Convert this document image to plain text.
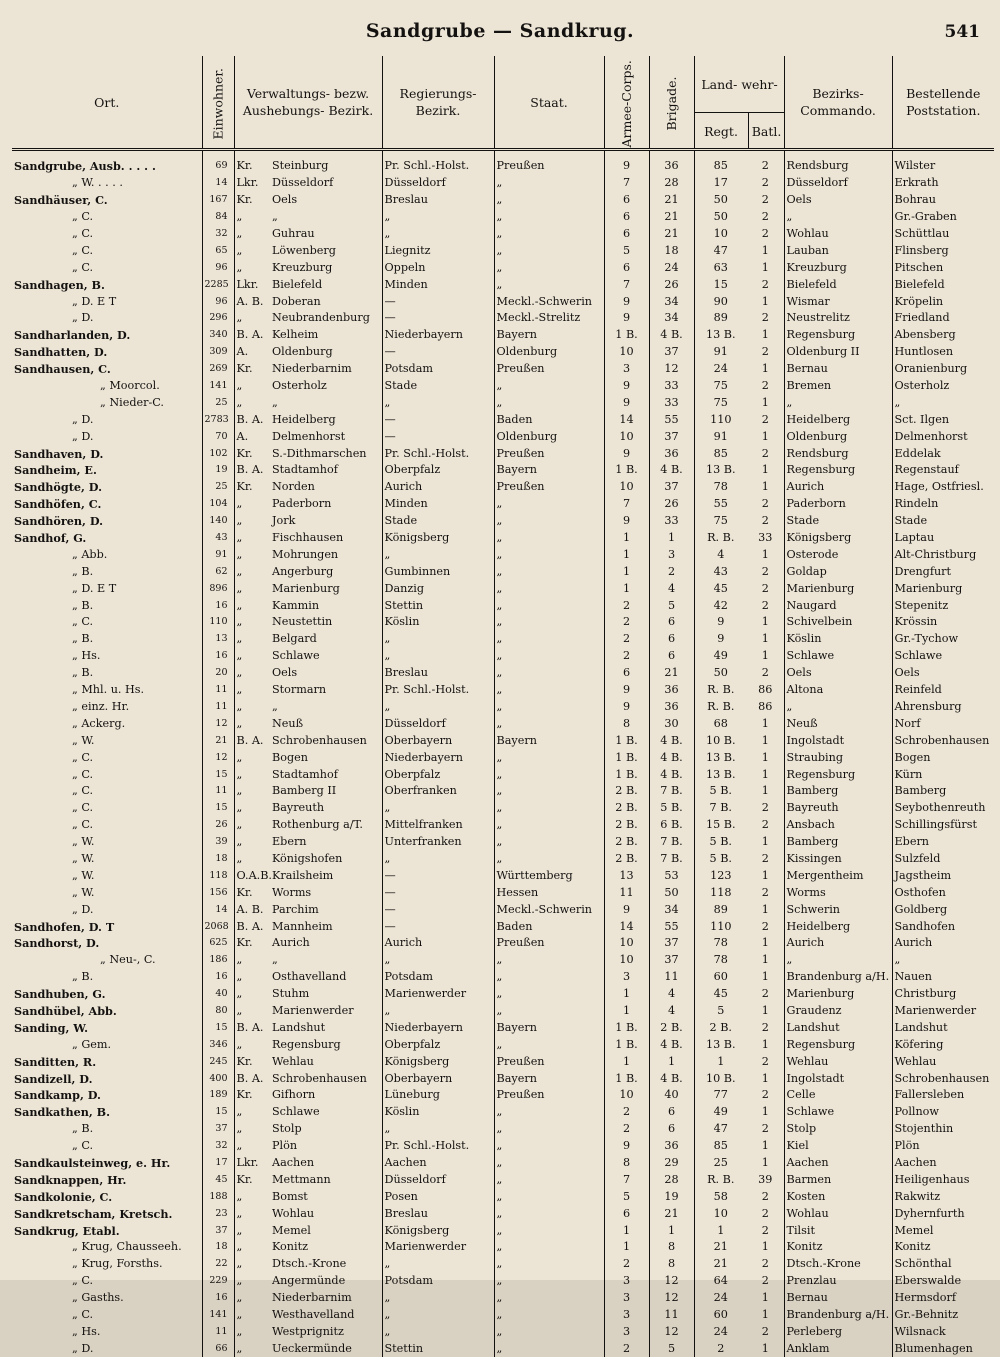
Sandgrube — Sandkrug.	541
Ort.	Einwohner.	Verwaltungs- bezw. Aushebungs- Bezirk.		Regierungs- Bezirk.	Staat.	Armee-Corps.	Brigade.	Land- wehr-
Regt. Batl.		Bezirks- Commando.	Bestellende Poststation.
Sandgrube, Ausb. . . . .	69	Kr.	Steinburg	Pr. Schl.-Holst.	Preußen	9	36	85	2	Rendsburg	Wilster
„ W. . . . .	14	Lkr.	Düsseldorf	Düsseldorf	„	7	28	17	2	Düsseldorf	Erkrath
Sandhäuser, C.	167	Kr.	Oels	Breslau	„	6	21	50	2	Oels	Bohrau
„ C.	84	„	„	„	„	6	21	50	2	„	Gr.-Graben
„ C.	32	„	Guhrau	„	„	6	21	10	2	Wohlau	Schüttlau
„ C.	65	„	Löwenberg	Liegnitz	„	5	18	47	1	Lauban	Flinsberg
„ C.	96	„	Kreuzburg	Oppeln	„	6	24	63	1	Kreuzburg	Pitschen
Sandhagen, B.	2285	Lkr.	Bielefeld	Minden	„	7	26	15	2	Bielefeld	Bielefeld
„ D. E T	96	A. B.	Doberan	—	Meckl.-Schwerin	9	34	90	1	Wismar	Kröpelin
„ D.	296	„	Neubrandenburg	—	Meckl.-Strelitz	9	34	89	2	Neustrelitz	Friedland
Sandharlanden, D.	340	B. A.	Kelheim	Niederbayern	Bayern	1 B.	4 B.	13 B.	1	Regensburg	Abensberg
Sandhatten, D.	309	A.	Oldenburg	—	Oldenburg	10	37	91	2	Oldenburg II	Huntlosen
Sandhausen, C.	269	Kr.	Niederbarnim	Potsdam	Preußen	3	12	24	1	Bernau	Oranienburg
„ Moorcol.	141	„	Osterholz	Stade	„	9	33	75	2	Bremen	Osterholz
„ Nieder-C.	25	„	„	„	„	9	33	75	1	„	„
„ D.	2783	B. A.	Heidelberg	—	Baden	14	55	110	2	Heidelberg	Sct. Ilgen
„ D.	70	A.	Delmenhorst	—	Oldenburg	10	37	91	1	Oldenburg	Delmenhorst
Sandhaven, D.	102	Kr.	S.-Dithmarschen	Pr. Schl.-Holst.	Preußen	9	36	85	2	Rendsburg	Eddelak
Sandheim, E.	19	B. A.	Stadtamhof	Oberpfalz	Bayern	1 B.	4 B.	13 B.	1	Regensburg	Regenstauf
Sandhögte, D.	25	Kr.	Norden	Aurich	Preußen	10	37	78	1	Aurich	Hage, Ostfriesl.
Sandhöfen, C.	104	„	Paderborn	Minden	„	7	26	55	2	Paderborn	Rindeln
Sandhören, D.	140	„	Jork	Stade	„	9	33	75	2	Stade	Stade
Sandhof, G.	43	„	Fischhausen	Königsberg	„	1	1	R. B.	33	Königsberg	Laptau
„ Abb.	91	„	Mohrungen	„	„	1	3	4	1	Osterode	Alt-Christburg
„ B.	62	„	Angerburg	Gumbinnen	„	1	2	43	2	Goldap	Drengfurt
„ D. E T	896	„	Marienburg	Danzig	„	1	4	45	2	Marienburg	Marienburg
„ B.	16	„	Kammin	Stettin	„	2	5	42	2	Naugard	Stepenitz
„ C.	110	„	Neustettin	Köslin	„	2	6	9	1	Schivelbein	Krössin
„ B.	13	„	Belgard	„	„	2	6	9	1	Köslin	Gr.-Tychow
„ Hs.	16	„	Schlawe	„	„	2	6	49	1	Schlawe	Schlawe
„ B.	20	„	Oels	Breslau	„	6	21	50	2	Oels	Oels
„ Mhl. u. Hs.	11	„	Stormarn	Pr. Schl.-Holst.	„	9	36	R. B.	86	Altona	Reinfeld
„ einz. Hr.	11	„	„	„	„	9	36	R. B.	86	„	Ahrensburg
„ Ackerg.	12	„	Neuß	Düsseldorf	„	8	30	68	1	Neuß	Norf
„ W.	21	B. A.	Schrobenhausen	Oberbayern	Bayern	1 B.	4 B.	10 B.	1	Ingolstadt	Schrobenhausen
„ C.	12	„	Bogen	Niederbayern	„	1 B.	4 B.	13 B.	1	Straubing	Bogen
„ C.	15	„	Stadtamhof	Oberpfalz	„	1 B.	4 B.	13 B.	1	Regensburg	Kürn
„ C.	11	„	Bamberg II	Oberfranken	„	2 B.	7 B.	5 B.	1	Bamberg	Bamberg
„ C.	15	„	Bayreuth	„	„	2 B.	5 B.	7 B.	2	Bayreuth	Seybothenreuth
„ C.	26	„	Rothenburg a/T.	Mittelfranken	„	2 B.	6 B.	15 B.	2	Ansbach	Schillingsfürst
„ W.	39	„	Ebern	Unterfranken	„	2 B.	7 B.	5 B.	1	Bamberg	Ebern
„ W.	18	„	Königshofen	„	„	2 B.	7 B.	5 B.	2	Kissingen	Sulzfeld
„ W.	118	O.A.B.	Krailsheim	—	Württemberg	13	53	123	1	Mergentheim	Jagstheim
„ W.	156	Kr.	Worms	—	Hessen	11	50	118	2	Worms	Osthofen
„ D.	14	A. B.	Parchim	—	Meckl.-Schwerin	9	34	89	1	Schwerin	Goldberg
Sandhofen, D. T	2068	B. A.	Mannheim	—	Baden	14	55	110	2	Heidelberg	Sandhofen
Sandhorst, D.	625	Kr.	Aurich	Aurich	Preußen	10	37	78	1	Aurich	Aurich
„ Neu-, C.	186	„	„	„	„	10	37	78	1	„	„
„ B.	16	„	Osthavelland	Potsdam	„	3	11	60	1	Brandenburg a/H.	Nauen
Sandhuben, G.	40	„	Stuhm	Marienwerder	„	1	4	45	2	Marienburg	Christburg
Sandhübel, Abb.	80	„	Marienwerder	„	„	1	4	5	1	Graudenz	Marienwerder
Sanding, W.	15	B. A.	Landshut	Niederbayern	Bayern	1 B.	2 B.	2 B.	2	Landshut	Landshut
„ Gem.	346	„	Regensburg	Oberpfalz	„	1 B.	4 B.	13 B.	1	Regensburg	Köfering
Sanditten, R.	245	Kr.	Wehlau	Königsberg	Preußen	1	1	1	2	Wehlau	Wehlau
Sandizell, D.	400	B. A.	Schrobenhausen	Oberbayern	Bayern	1 B.	4 B.	10 B.	1	Ingolstadt	Schrobenhausen
Sandkamp, D.	189	Kr.	Gifhorn	Lüneburg	Preußen	10	40	77	2	Celle	Fallersleben
Sandkathen, B.	15	„	Schlawe	Köslin	„	2	6	49	1	Schlawe	Pollnow
„ B.	37	„	Stolp	„	„	2	6	47	2	Stolp	Stojenthin
„ C.	32	„	Plön	Pr. Schl.-Holst.	„	9	36	85	1	Kiel	Plön
Sandkaulsteinweg, e. Hr.	17	Lkr.	Aachen	Aachen	„	8	29	25	1	Aachen	Aachen
Sandknappen, Hr.	45	Kr.	Mettmann	Düsseldorf	„	7	28	R. B.	39	Barmen	Heiligenhaus
Sandkolonie, C.	188	„	Bomst	Posen	„	5	19	58	2	Kosten	Rakwitz
Sandkretscham, Kretsch.	23	„	Wohlau	Breslau	„	6	21	10	2	Wohlau	Dyhernfurth
Sandkrug, Etabl.	37	„	Memel	Königsberg	„	1	1	1	2	Tilsit	Memel
„ Krug, Chausseeh.	18	„	Konitz	Marienwerder	„	1	8	21	1	Konitz	Konitz
„ Krug, Forsths.	22	„	Dtsch.-Krone	„	„	2	8	21	2	Dtsch.-Krone	Schönthal
„ C.	229	„	Angermünde	Potsdam	„	3	12	64	2	Prenzlau	Eberswalde
„ Gasths.	16	„	Niederbarnim	„	„	3	12	24	1	Bernau	Hermsdorf
„ C.	141	„	Westhavelland	„	„	3	11	60	1	Brandenburg a/H.	Gr.-Behnitz
„ Hs.	11	„	Westprignitz	„	„	3	12	24	2	Perleberg	Wilsnack
„ D.	66	„	Ueckermünde	Stettin	„	2	5	2	1	Anklam	Blumenhagen
